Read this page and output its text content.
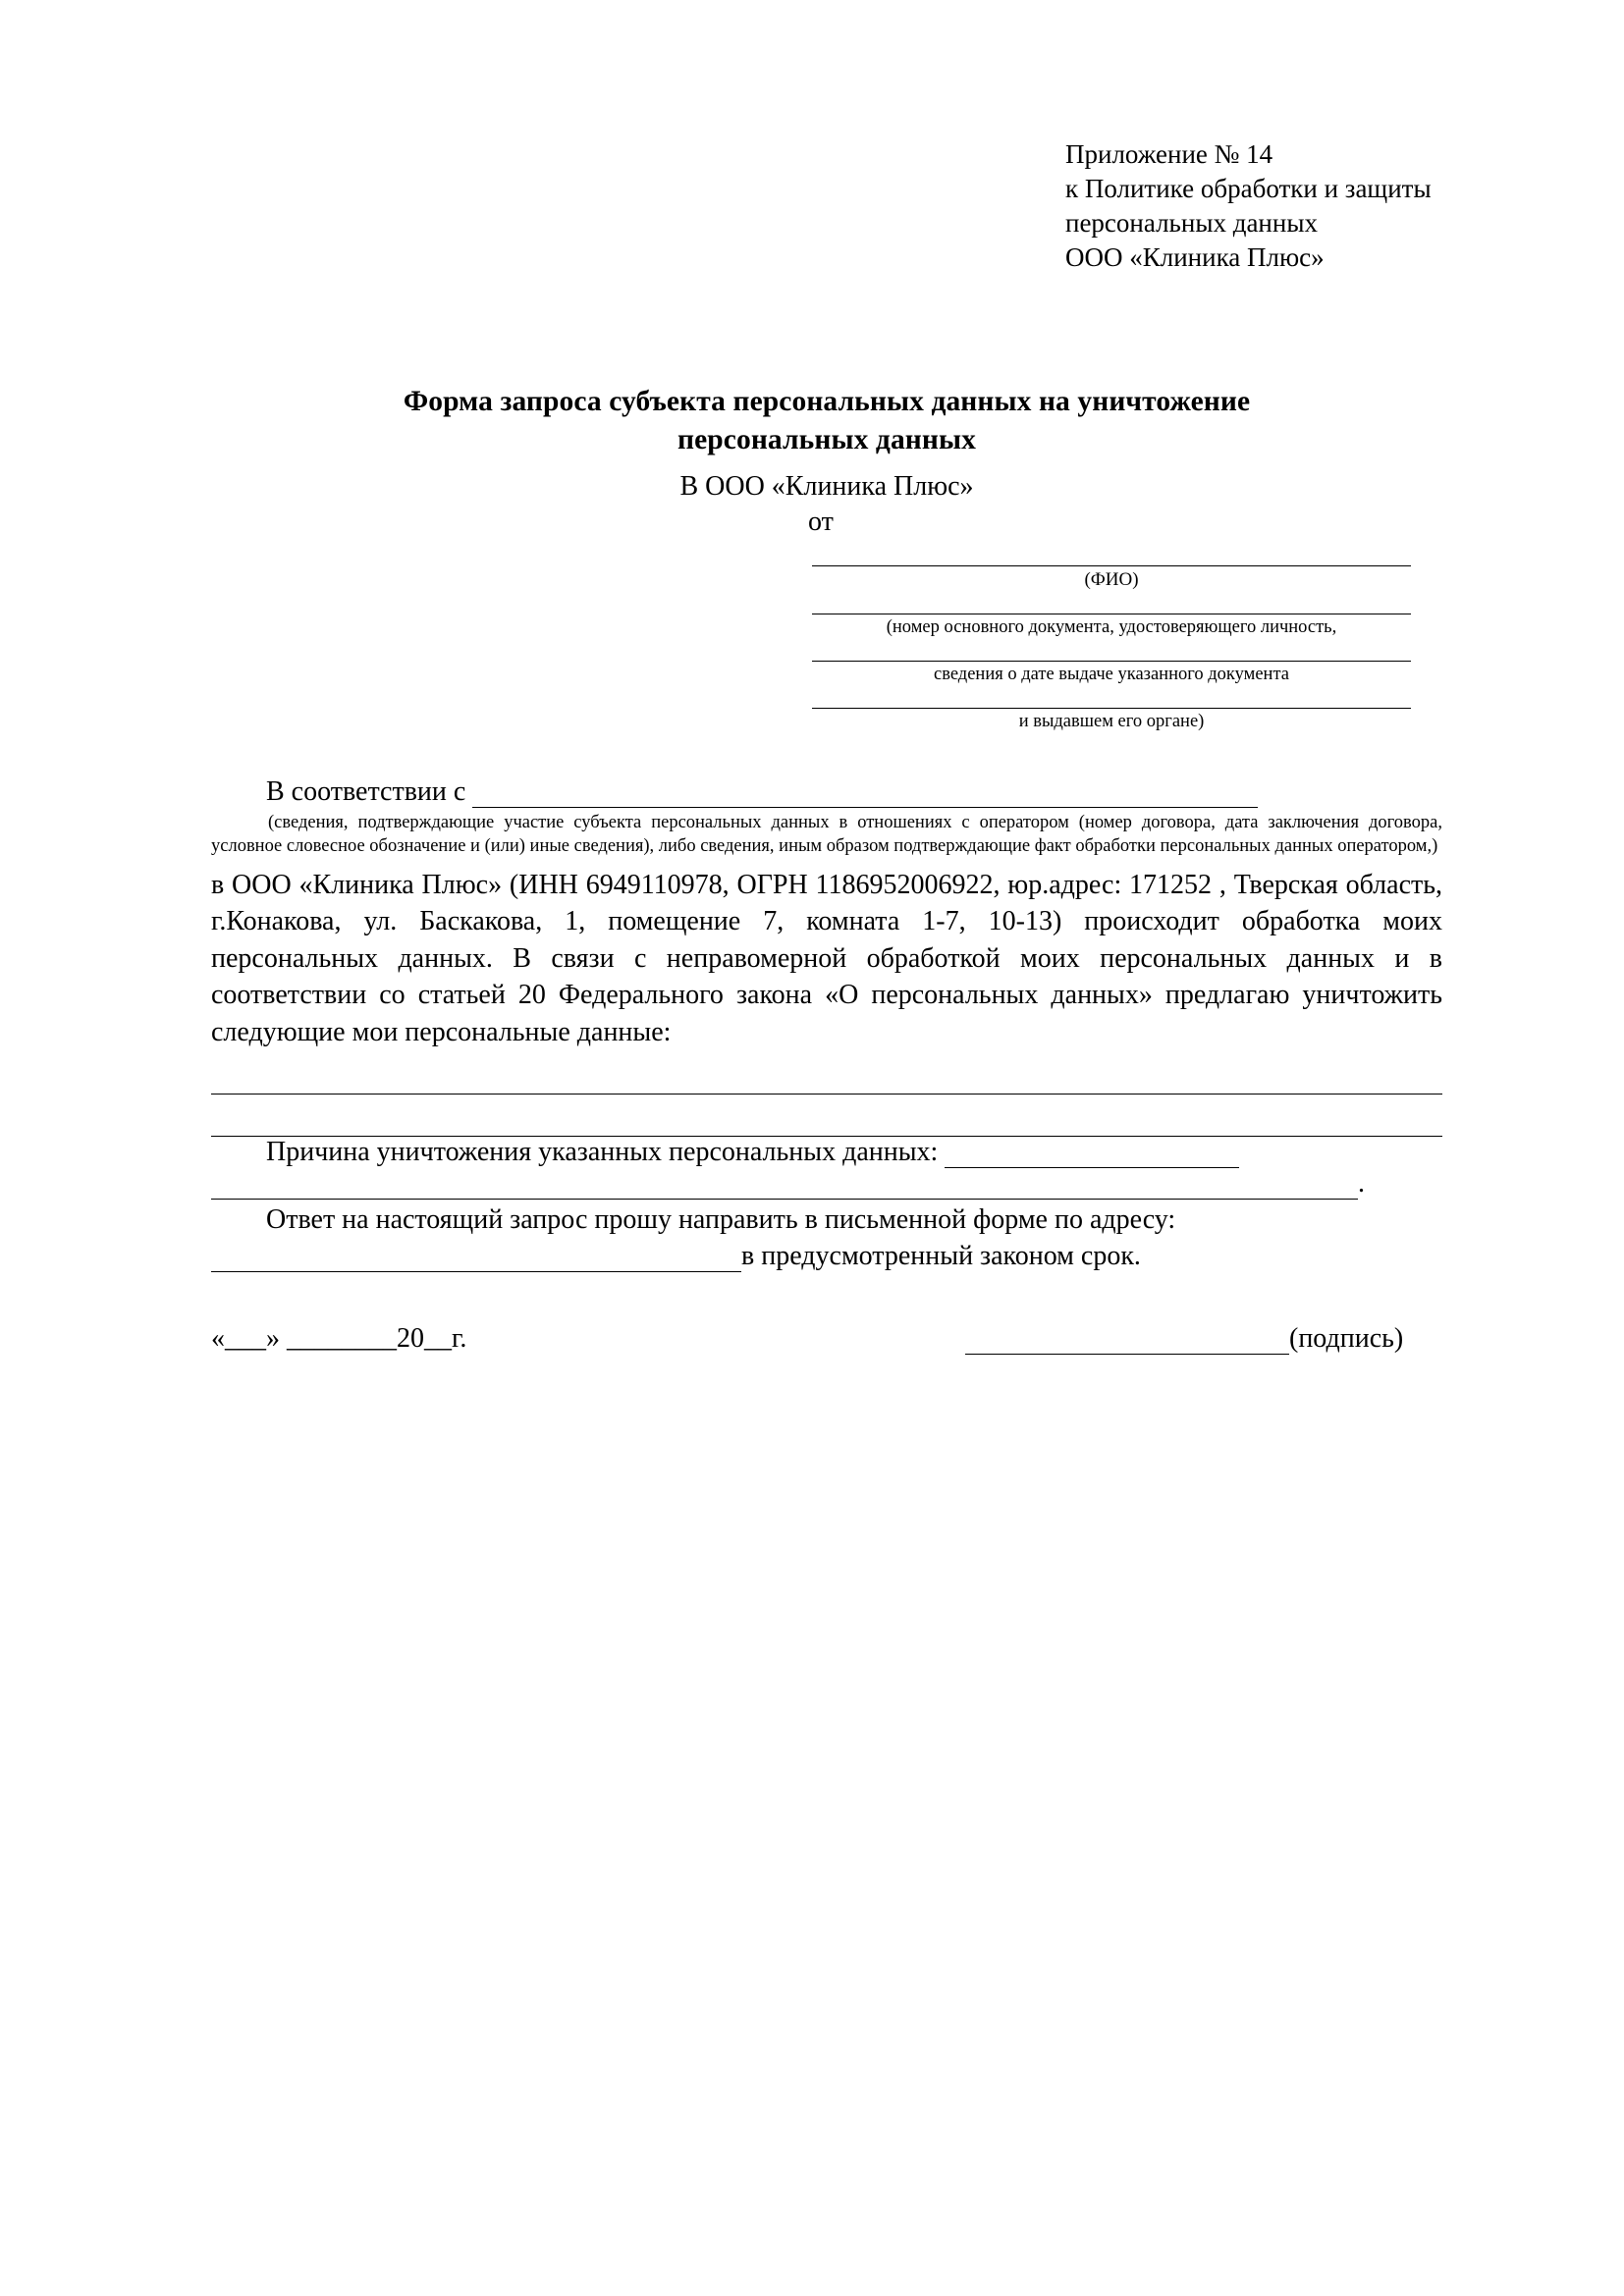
Приложение № 14
к Политике обработки и защиты
персональных данных
ООО «Клиника Плюс»
Форма запроса субъекта персональных данных на уничтожение
персональных данных
В ООО «Клиника Плюс»
от
(ФИО)
(номер основного документа, удостоверяющего личность,
сведения о дате выдаче указанного документа
и выдавшем его органе)
В соответствии с
(сведения, подтверждающие участие субъекта персональных данных в отношениях с оператором (номер договора, дата заключения договора, условное словесное обозначение и (или) иные сведения), либо сведения, иным образом подтверждающие факт обработки персональных данных оператором,)
в ООО «Клиника Плюс» (ИНН 6949110978, ОГРН 1186952006922, юр.адрес: 171252 , Тверская область, г.Конакова, ул. Баскакова, 1, помещение 7, комната 1-7, 10-13) происходит обработка моих персональных данных. В связи с неправомерной обработкой моих персональных данных и в соответствии со статьей 20 Федерального закона «О персональных данных» предлагаю уничтожить следующие мои персональные данные:
Причина уничтожения указанных персональных данных:
.
Ответ на настоящий запрос прошу направить в письменной форме по адресу:
в предусмотренный законом срок.
«___» ________20__г.	(подпись)
